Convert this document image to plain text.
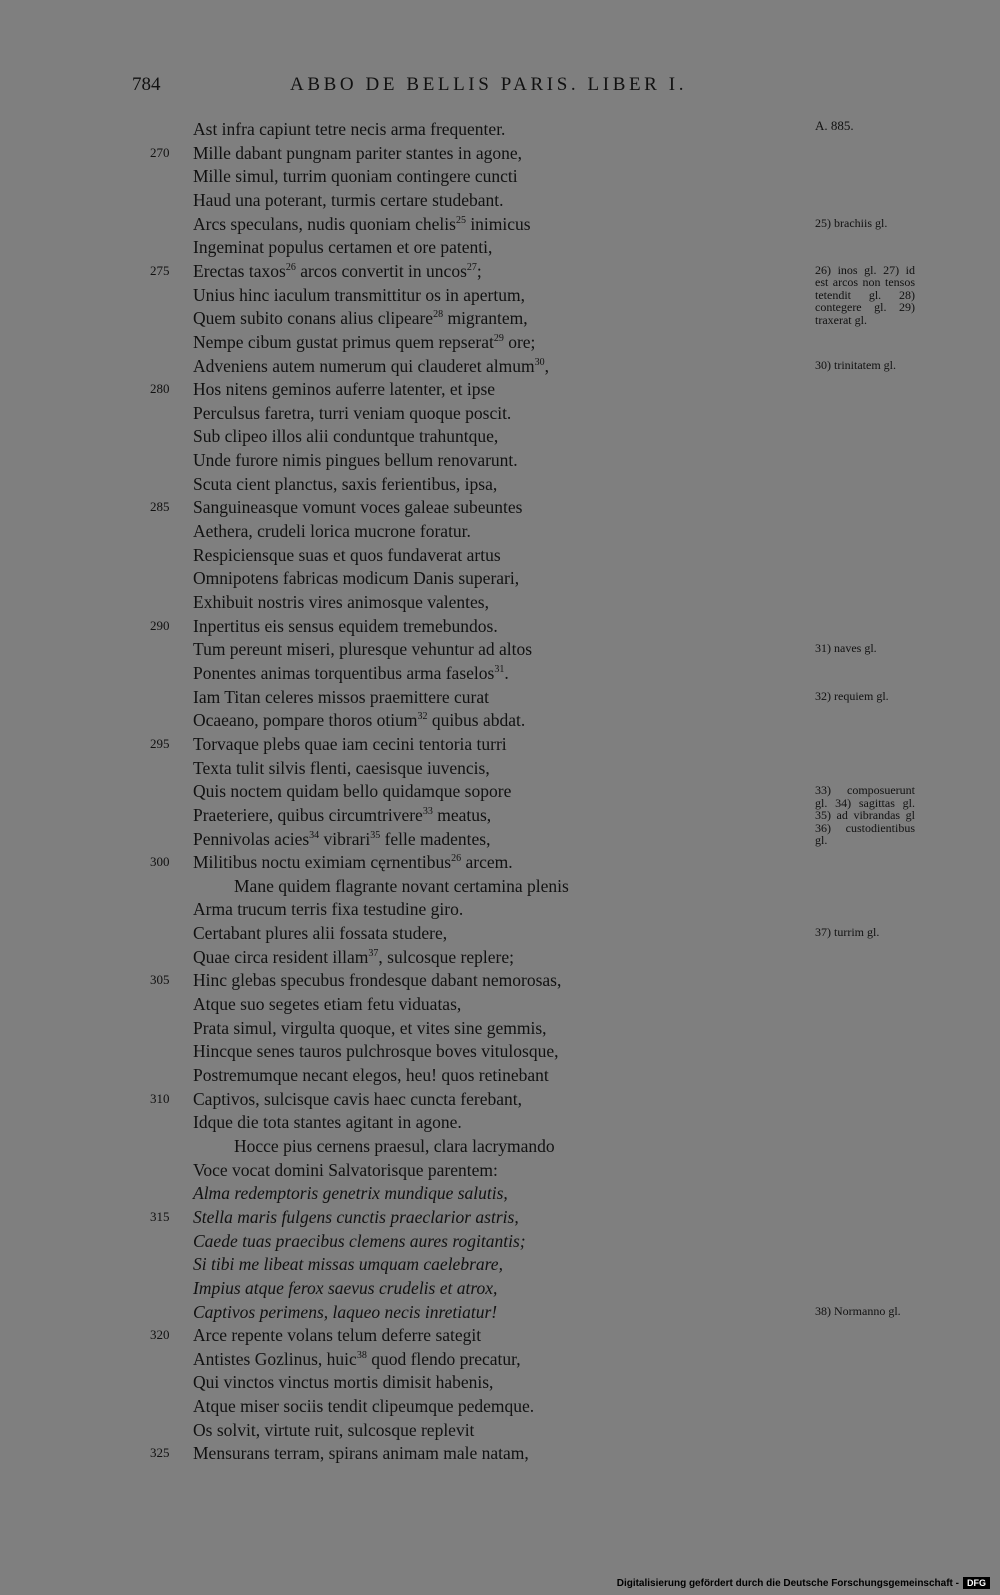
784	ABBO DE BELLIS PARIS. LIBER I.
A. 885.
Ast infra capiunt tetre necis arma frequenter.
Mille dabant pungnam pariter stantes in agone,
270
Mille simul, turrim quoniam contingere cuncti
Haud una poterant, turmis certare studebant.
Arcs speculans, nudis quoniam chelis$^{25}$ inimicus
Ingeminat populus certamen et ore patenti,
Erectas taxos$^{26}$ arcos convertit in uncos$^{27}$;
275
Unius hinc iaculum transmittitur os in apertum,
Quem subito conans alius clipeare$^{28}$ migrantem,
Nempe cibum gustat primus quem repserat$^{29}$ ore;
Adveniens autem numerum qui clauderet almum$^{30}$,
Hos nitens geminos auferre latenter, et ipse
280
Perculsus faretra, turri veniam quoque poscit.
Sub clipeo illos alii conduntque trahuntque,
Unde furore nimis pingues bellum renovarunt.
Scuta cient planctus, saxis ferientibus, ipsa,
Sanguineasque vomunt voces galeae subeuntes
285
Aethera, crudeli lorica mucrone foratur.
Respiciensque suas et quos fundaverat artus
Omnipotens fabricas modicum Danis superari,
Exhibuit nostris vires animosque valentes,
Inpertitus eis sensus equidem tremebundos.
290
Tum pereunt miseri, pluresque vehuntur ad altos
Ponentes animas torquentibus arma faselos$^{31}$.
Iam Titan celeres missos praemittere curat
Ocaeano, pompare thoros otium$^{32}$ quibus abdat.
Torvaque plebs quae iam cecini tentoria turri
295
Texta tulit silvis flenti, caesisque iuvencis,
Quis noctem quidam bello quidamque sopore
Praeteriere, quibus circumtrivere$^{33}$ meatus,
Pennivolas acies$^{34}$ vibrari$^{35}$ felle madentes,
Militibus noctu eximiam cęrnentibus$^{26}$ arcem.
300
Mane quidem flagrante novant certamina plenis
Arma trucum terris fixa testudine giro.
Certabant plures alii fossata studere,
Quae circa resident illam$^{37}$, sulcosque replere;
Hinc glebas specubus frondesque dabant nemorosas,
305
Atque suo segetes etiam fetu viduatas,
Prata simul, virgulta quoque, et vites sine gemmis,
Hincque senes tauros pulchrosque boves vitulosque,
Postremumque necant elegos, heu! quos retinebant
Captivos, sulcisque cavis haec cuncta ferebant,
310
Idque die tota stantes agitant in agone.
Hocce pius cernens praesul, clara lacrymando
Voce vocat domini Salvatorisque parentem:
Alma redemptoris genetrix mundique salutis,
Stella maris fulgens cunctis praeclarior astris,
315
Caede tuas praecibus clemens aures rogitantis;
Si tibi me libeat missas umquam caelebrare,
Impius atque ferox saevus crudelis et atrox,
Captivos perimens, laqueo necis inretiatur!
Arce repente volans telum deferre sategit
320
Antistes Gozlinus, huic$^{38}$ quod flendo precatur,
Qui vinctos vinctus mortis dimisit habenis,
Atque miser sociis tendit clipeumque pedemque.
Os solvit, virtute ruit, sulcosque replevit
Mensurans terram, spirans animam male natam,
325
25) brachiis gl.
26) inos gl. 27) id est arcos non tensos tetendit gl. 28) contegere gl. 29) traxerat gl.
30) trinitatem gl.
31) naves gl.
32) requiem gl.
33) composuerunt gl. 34) sagittas gl. 35) ad vibrandas gl 36) custodientibus gl.
37) turrim gl.
38) Normanno gl.
Digitalisierung gefördert durch die Deutsche Forschungsgemeinschaft - DFG
